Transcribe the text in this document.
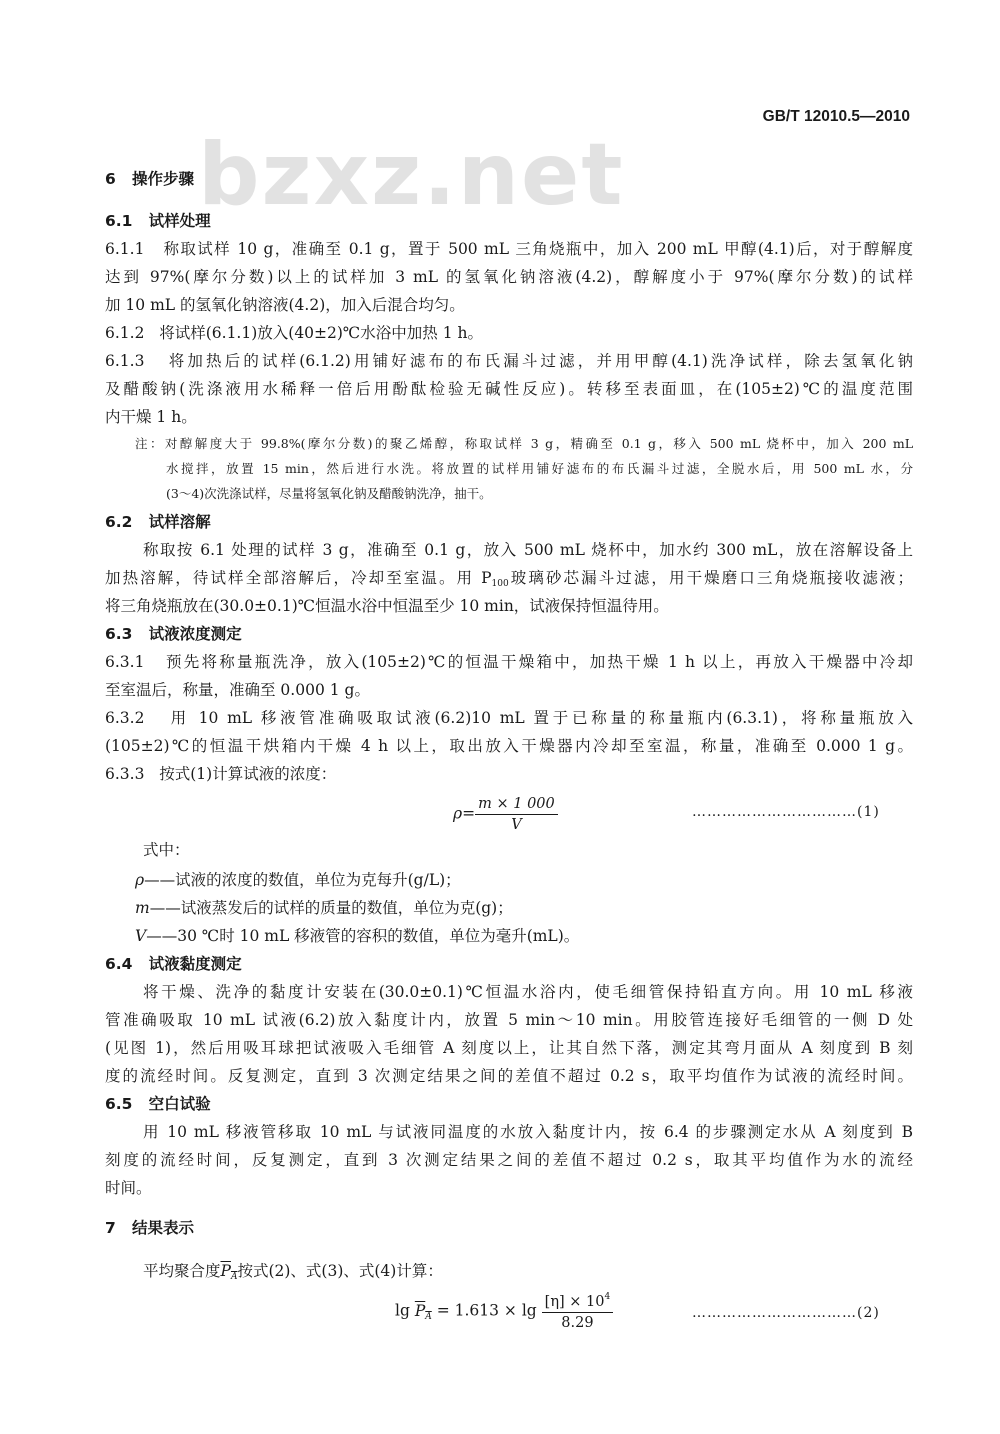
bzxz.net
GB/T 12010.5—2010
6 操作步骤
6.1 试样处理
6.1.1 称取试样 10 g，准确至 0.1 g，置于 500 mL 三角烧瓶中，加入 200 mL 甲醇(4.1)后，对于醇解度
达到 97%(摩尔分数)以上的试样加 3 mL 的氢氧化钠溶液(4.2)，醇解度小于 97%(摩尔分数)的试样
加 10 mL 的氢氧化钠溶液(4.2)，加入后混合均匀。
6.1.2 将试样(6.1.1)放入(40±2)℃水浴中加热 1 h。
6.1.3 将加热后的试样(6.1.2)用铺好滤布的布氏漏斗过滤，并用甲醇(4.1)洗净试样，除去氢氧化钠
及醋酸钠(洗涤液用水稀释一倍后用酚酞检验无碱性反应)。转移至表面皿，在(105±2)℃的温度范围
内干燥 1 h。
注：对醇解度大于 99.8%(摩尔分数)的聚乙烯醇，称取试样 3 g，精确至 0.1 g，移入 500 mL 烧杯中，加入 200 mL
水搅拌，放置 15 min，然后进行水洗。将放置的试样用铺好滤布的布氏漏斗过滤，全脱水后，用 500 mL 水，分
(3～4)次洗涤试样，尽量将氢氧化钠及醋酸钠洗净，抽干。
6.2 试样溶解
称取按 6.1 处理的试样 3 g，准确至 0.1 g，放入 500 mL 烧杯中，加水约 300 mL，放在溶解设备上
加热溶解，待试样全部溶解后，冷却至室温。用 $P_{100}$玻璃砂芯漏斗过滤，用干燥磨口三角烧瓶接收滤液；
将三角烧瓶放在(30.0±0.1)℃恒温水浴中恒温至少 10 min，试液保持恒温待用。
6.3 试液浓度测定
6.3.1 预先将称量瓶洗净，放入(105±2)℃的恒温干燥箱中，加热干燥 1 h 以上，再放入干燥器中冷却
至室温后，称量，准确至 0.000 1 g。
6.3.2 用 10 mL 移液管准确吸取试液(6.2)10 mL 置于已称量的称量瓶内(6.3.1)，将称量瓶放入
(105±2)℃的恒温干烘箱内干燥 4 h 以上，取出放入干燥器内冷却至室温，称量，准确至 0.000 1 g。
6.3.3 按式(1)计算试液的浓度：
$\rho= \frac{m \times 1 000}{V}$	……………………………(1)
式中：
ρ——试液的浓度的数值，单位为克每升(g/L)；
m——试液蒸发后的试样的质量的数值，单位为克(g)；
V——30 ℃时 10 mL 移液管的容积的数值，单位为毫升(mL)。
6.4 试液黏度测定
将干燥、洗净的黏度计安装在(30.0±0.1)℃恒温水浴内，使毛细管保持铅直方向。用 10 mL 移液
管准确吸取 10 mL 试液(6.2)放入黏度计内，放置 5 min～10 min。用胶管连接好毛细管的一侧 D 处
(见图 1)，然后用吸耳球把试液吸入毛细管 A 刻度以上，让其自然下落，测定其弯月面从 A 刻度到 B 刻
度的流经时间。反复测定，直到 3 次测定结果之间的差值不超过 0.2 s，取平均值作为试液的流经时间。
6.5 空白试验
用 10 mL 移液管移取 10 mL 与试液同温度的水放入黏度计内，按 6.4 的步骤测定水从 A 刻度到 B
刻度的流经时间，反复测定，直到 3 次测定结果之间的差值不超过 0.2 s，取其平均值作为水的流经
时间。
7 结果表示
平均聚合度$P_A$按式(2)、式(3)、式(4)计算：
$\lg P_A = 1.613 \times \lg \frac{[\eta] \times 10^4}{8.29}$	……………………………(2)
